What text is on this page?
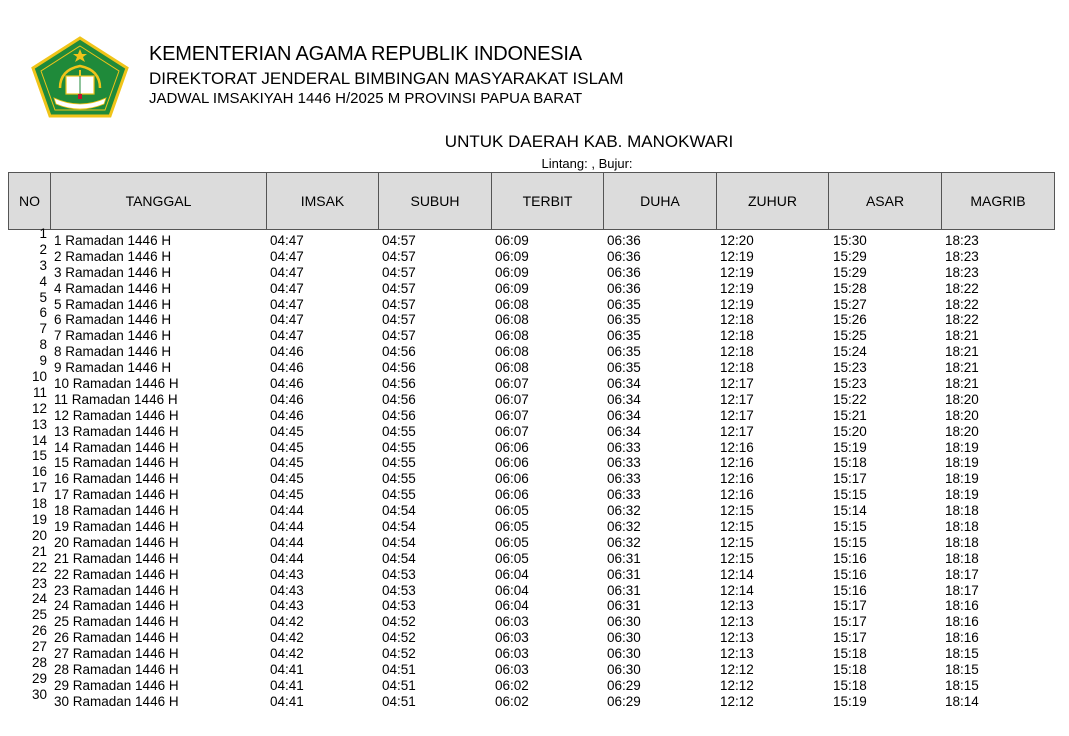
KEMENTERIAN AGAMA REPUBLIK INDONESIA
DIREKTORAT JENDERAL BIMBINGAN MASYARAKAT ISLAM
JADWAL IMSAKIYAH 1446 H/2025 M PROVINSI PAPUA BARAT
UNTUK DAERAH KAB. MANOKWARI
Lintang: , Bujur:
NO	TANGGAL	IMSAK	SUBUH	TERBIT	DUHA	ZUHUR	ASAR	MAGRIB
1 1 Ramadan 1446 H	04:47	04:57	06:09	06:36	12:20	15:30	18:23
2 2 Ramadan 1446 H	04:47	04:57	06:09	06:36	12:19	15:29	18:23
3 3 Ramadan 1446 H	04:47	04:57	06:09	06:36	12:19	15:29	18:23
4 4 Ramadan 1446 H	04:47	04:57	06:09	06:36	12:19	15:28	18:22
5 5 Ramadan 1446 H	04:47	04:57	06:08	06:35	12:19	15:27	18:22
6 6 Ramadan 1446 H	04:47	04:57	06:08	06:35	12:18	15:26	18:22
7 7 Ramadan 1446 H	04:47	04:57	06:08	06:35	12:18	15:25	18:21
8 8 Ramadan 1446 H	04:46	04:56	06:08	06:35	12:18	15:24	18:21
9 9 Ramadan 1446 H	04:46	04:56	06:08	06:35	12:18	15:23	18:21
10 10 Ramadan 1446 H	04:46	04:56	06:07	06:34	12:17	15:23	18:21
11 11 Ramadan 1446 H	04:46	04:56	06:07	06:34	12:17	15:22	18:20
12 12 Ramadan 1446 H	04:46	04:56	06:07	06:34	12:17	15:21	18:20
13 13 Ramadan 1446 H	04:45	04:55	06:07	06:34	12:17	15:20	18:20
14 14 Ramadan 1446 H	04:45	04:55	06:06	06:33	12:16	15:19	18:19
15 15 Ramadan 1446 H	04:45	04:55	06:06	06:33	12:16	15:18	18:19
16 16 Ramadan 1446 H	04:45	04:55	06:06	06:33	12:16	15:17	18:19
17 17 Ramadan 1446 H	04:45	04:55	06:06	06:33	12:16	15:15	18:19
18 18 Ramadan 1446 H	04:44	04:54	06:05	06:32	12:15	15:14	18:18
19 19 Ramadan 1446 H	04:44	04:54	06:05	06:32	12:15	15:15	18:18
20 20 Ramadan 1446 H	04:44	04:54	06:05	06:32	12:15	15:15	18:18
21 21 Ramadan 1446 H	04:44	04:54	06:05	06:31	12:15	15:16	18:18
22 22 Ramadan 1446 H	04:43	04:53	06:04	06:31	12:14	15:16	18:17
23 23 Ramadan 1446 H	04:43	04:53	06:04	06:31	12:14	15:16	18:17
24 24 Ramadan 1446 H	04:43	04:53	06:04	06:31	12:13	15:17	18:16
25 25 Ramadan 1446 H	04:42	04:52	06:03	06:30	12:13	15:17	18:16
26 26 Ramadan 1446 H	04:42	04:52	06:03	06:30	12:13	15:17	18:16
27 27 Ramadan 1446 H	04:42	04:52	06:03	06:30	12:13	15:18	18:15
28 28 Ramadan 1446 H	04:41	04:51	06:03	06:30	12:12	15:18	18:15
29 29 Ramadan 1446 H	04:41	04:51	06:02	06:29	12:12	15:18	18:15
30 30 Ramadan 1446 H	04:41	04:51	06:02	06:29	12:12	15:19	18:14
